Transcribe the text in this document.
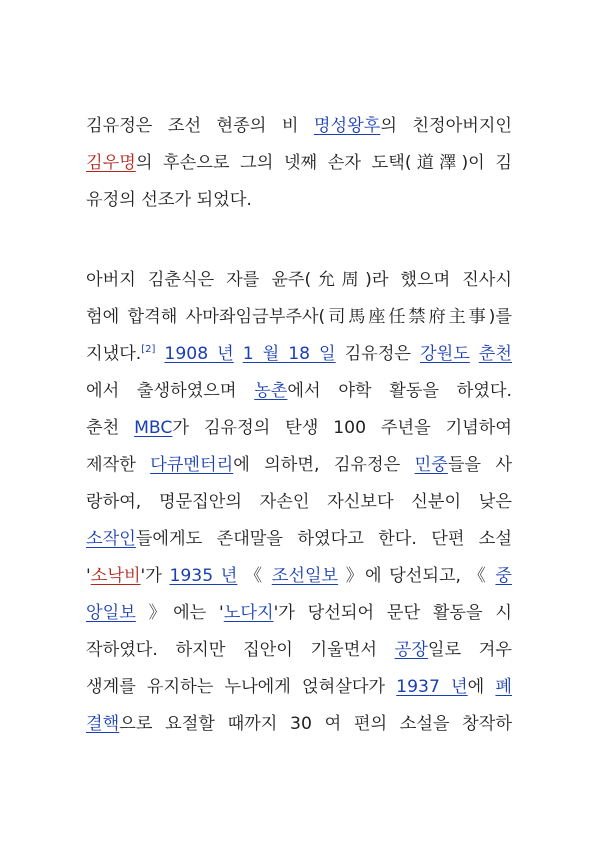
김유정은 조선 현종의 비 명성왕후의 친정아버지인
김우명의 후손으로 그의 넷째 손자 도택(道澤)이 김
유정의 선조가 되었다.
아버지 김춘식은 자를 윤주(允周)라 했으며 진사시
험에 합격해 사마좌임금부주사(司馬座任禁府主事)를
지냈다.[2] 1908 년 1 월 18 일 김유정은 강원도 춘천
에서 출생하였으며 농촌에서 야학 활동을 하였다.
춘천 MBC가 김유정의 탄생 100 주년을 기념하여
제작한 다큐멘터리에 의하면, 김유정은 민중들을 사
랑하여, 명문집안의 자손인 자신보다 신분이 낮은
소작인들에게도 존대말을 하였다고 한다. 단편 소설
'소낙비'가 1935 년 《 조선일보 》에 당선되고, 《 중
앙일보 》에는 '노다지'가 당선되어 문단 활동을 시
작하였다. 하지만 집안이 기울면서 공장일로 겨우
생계를 유지하는 누나에게 얹혀살다가 1937 년에 폐
결핵으로 요절할 때까지 30 여 편의 소설을 창작하
